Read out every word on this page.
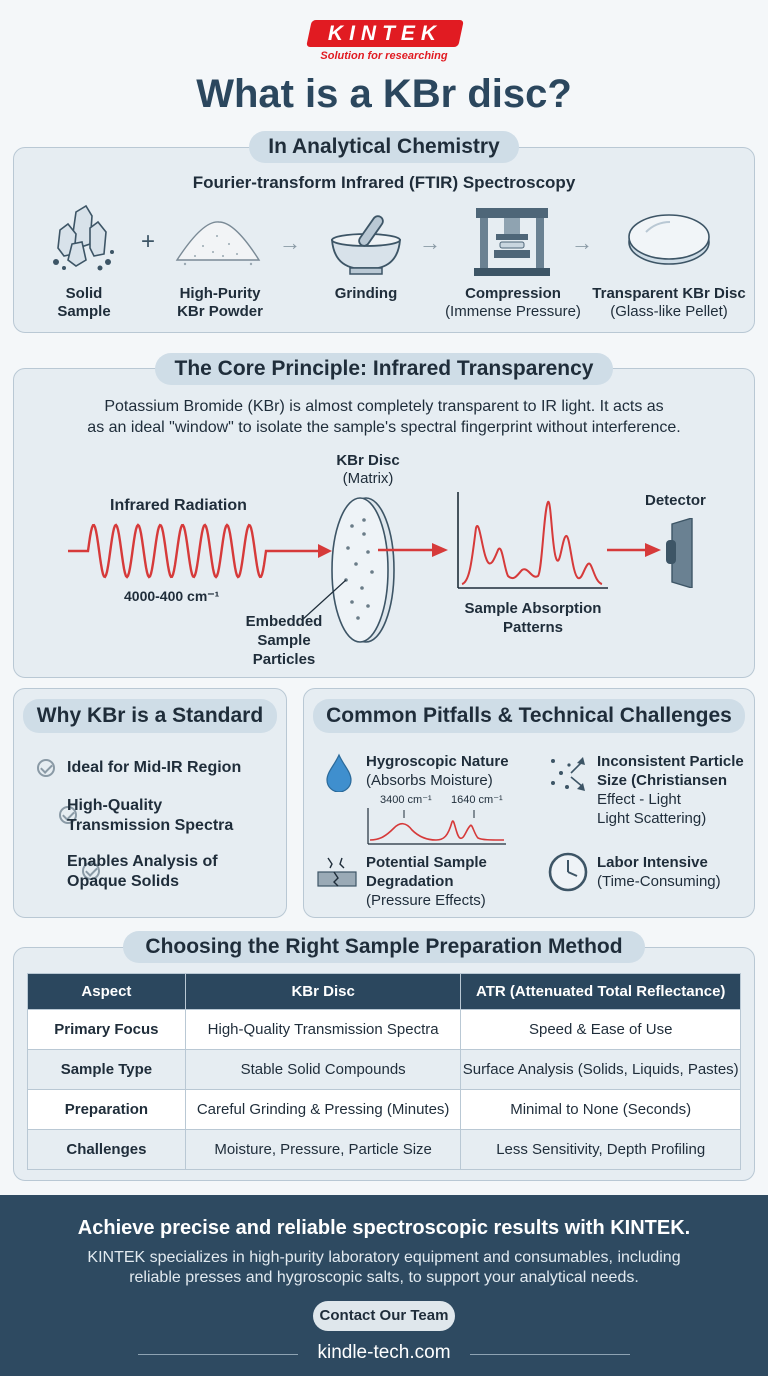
KINTEK
Solution for researching
What is a KBr disc?
In Analytical Chemistry
Fourier-transform Infrared (FTIR) Spectroscopy
+	→	→	→
Solid
Sample
High-Purity
KBr Powder
Grinding	Compression
(Immense Pressure)
Transparent KBr Disc
(Glass-like Pellet)
The Core Principle: Infrared Transparency
Potassium Bromide (KBr) is almost completely transparent to IR light. It acts as
as an ideal "window" to isolate the sample's spectral fingerprint without interference.
Infrared Radiation
4000-400 cm⁻¹
KBr Disc
(Matrix)
Embedded
Sample
Particles
Sample Absorption
Patterns
Detector
Why KBr is a Standard

Ideal for Mid-IR Region

High-Quality
Transmission Spectra
Enables Analysis of
Opaque Solids
Common Pitfalls & Technical Challenges
Hygroscopic Nature
(Absorbs Moisture)
3400 cm⁻¹ 1640 cm⁻¹
Inconsistent Particle
Size (Christiansen
Effect - Light
Light Scattering)
Potential Sample
Degradation
(Pressure Effects)
Labor Intensive
(Time-Consuming)
Choosing the Right Sample Preparation Method
Aspect	KBr Disc	ATR (Attenuated Total Reflectance)
Primary Focus	High-Quality Transmission Spectra	Speed & Ease of Use
Sample Type	Stable Solid Compounds	Surface Analysis (Solids, Liquids, Pastes)
Preparation	Careful Grinding & Pressing (Minutes)	Minimal to None (Seconds)
Challenges	Moisture, Pressure, Particle Size	Less Sensitivity, Depth Profiling
Achieve precise and reliable spectroscopic results with KINTEK.
KINTEK specializes in high-purity laboratory equipment and consumables, including
reliable presses and hygroscopic salts, to support your analytical needs.
Contact Our Team
kindle-tech.com
